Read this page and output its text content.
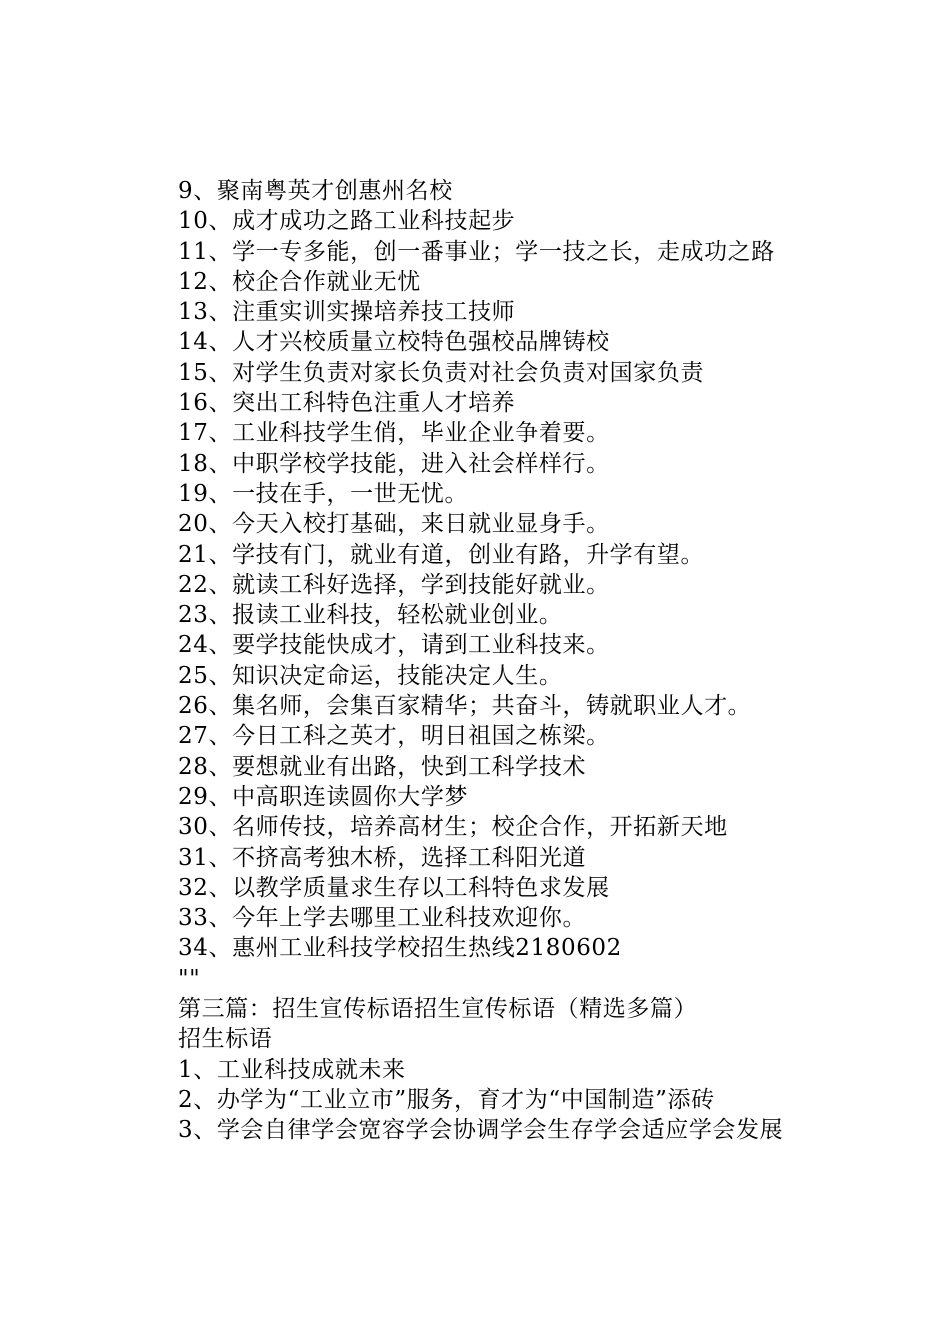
9、聚南粤英才创惠州名校
10、成才成功之路工业科技起步
11、学一专多能，创一番事业；学一技之长，走成功之路
12、校企合作就业无忧
13、注重实训实操培养技工技师
14、人才兴校质量立校特色强校品牌铸校
15、对学生负责对家长负责对社会负责对国家负责
16、突出工科特色注重人才培养
17、工业科技学生俏，毕业企业争着要。
18、中职学校学技能，进入社会样样行。
19、一技在手，一世无忧。
20、今天入校打基础，来日就业显身手。
21、学技有门，就业有道，创业有路，升学有望。
22、就读工科好选择，学到技能好就业。
23、报读工业科技，轻松就业创业。
24、要学技能快成才，请到工业科技来。
25、知识决定命运，技能决定人生。
26、集名师，会集百家精华；共奋斗，铸就职业人才。
27、今日工科之英才，明日祖国之栋梁。
28、要想就业有出路，快到工科学技术
29、中高职连读圆你大学梦
30、名师传技，培养高材生；校企合作，开拓新天地
31、不挤高考独木桥，选择工科阳光道
32、以教学质量求生存以工科特色求发展
33、今年上学去哪里工业科技欢迎你。
34、惠州工业科技学校招生热线2180602
""
第三篇：招生宣传标语招生宣传标语（精选多篇）
招生标语
1、工业科技成就未来
2、办学为“工业立市”服务，育才为“中国制造”添砖
3、学会自律学会宽容学会协调学会生存学会适应学会发展
